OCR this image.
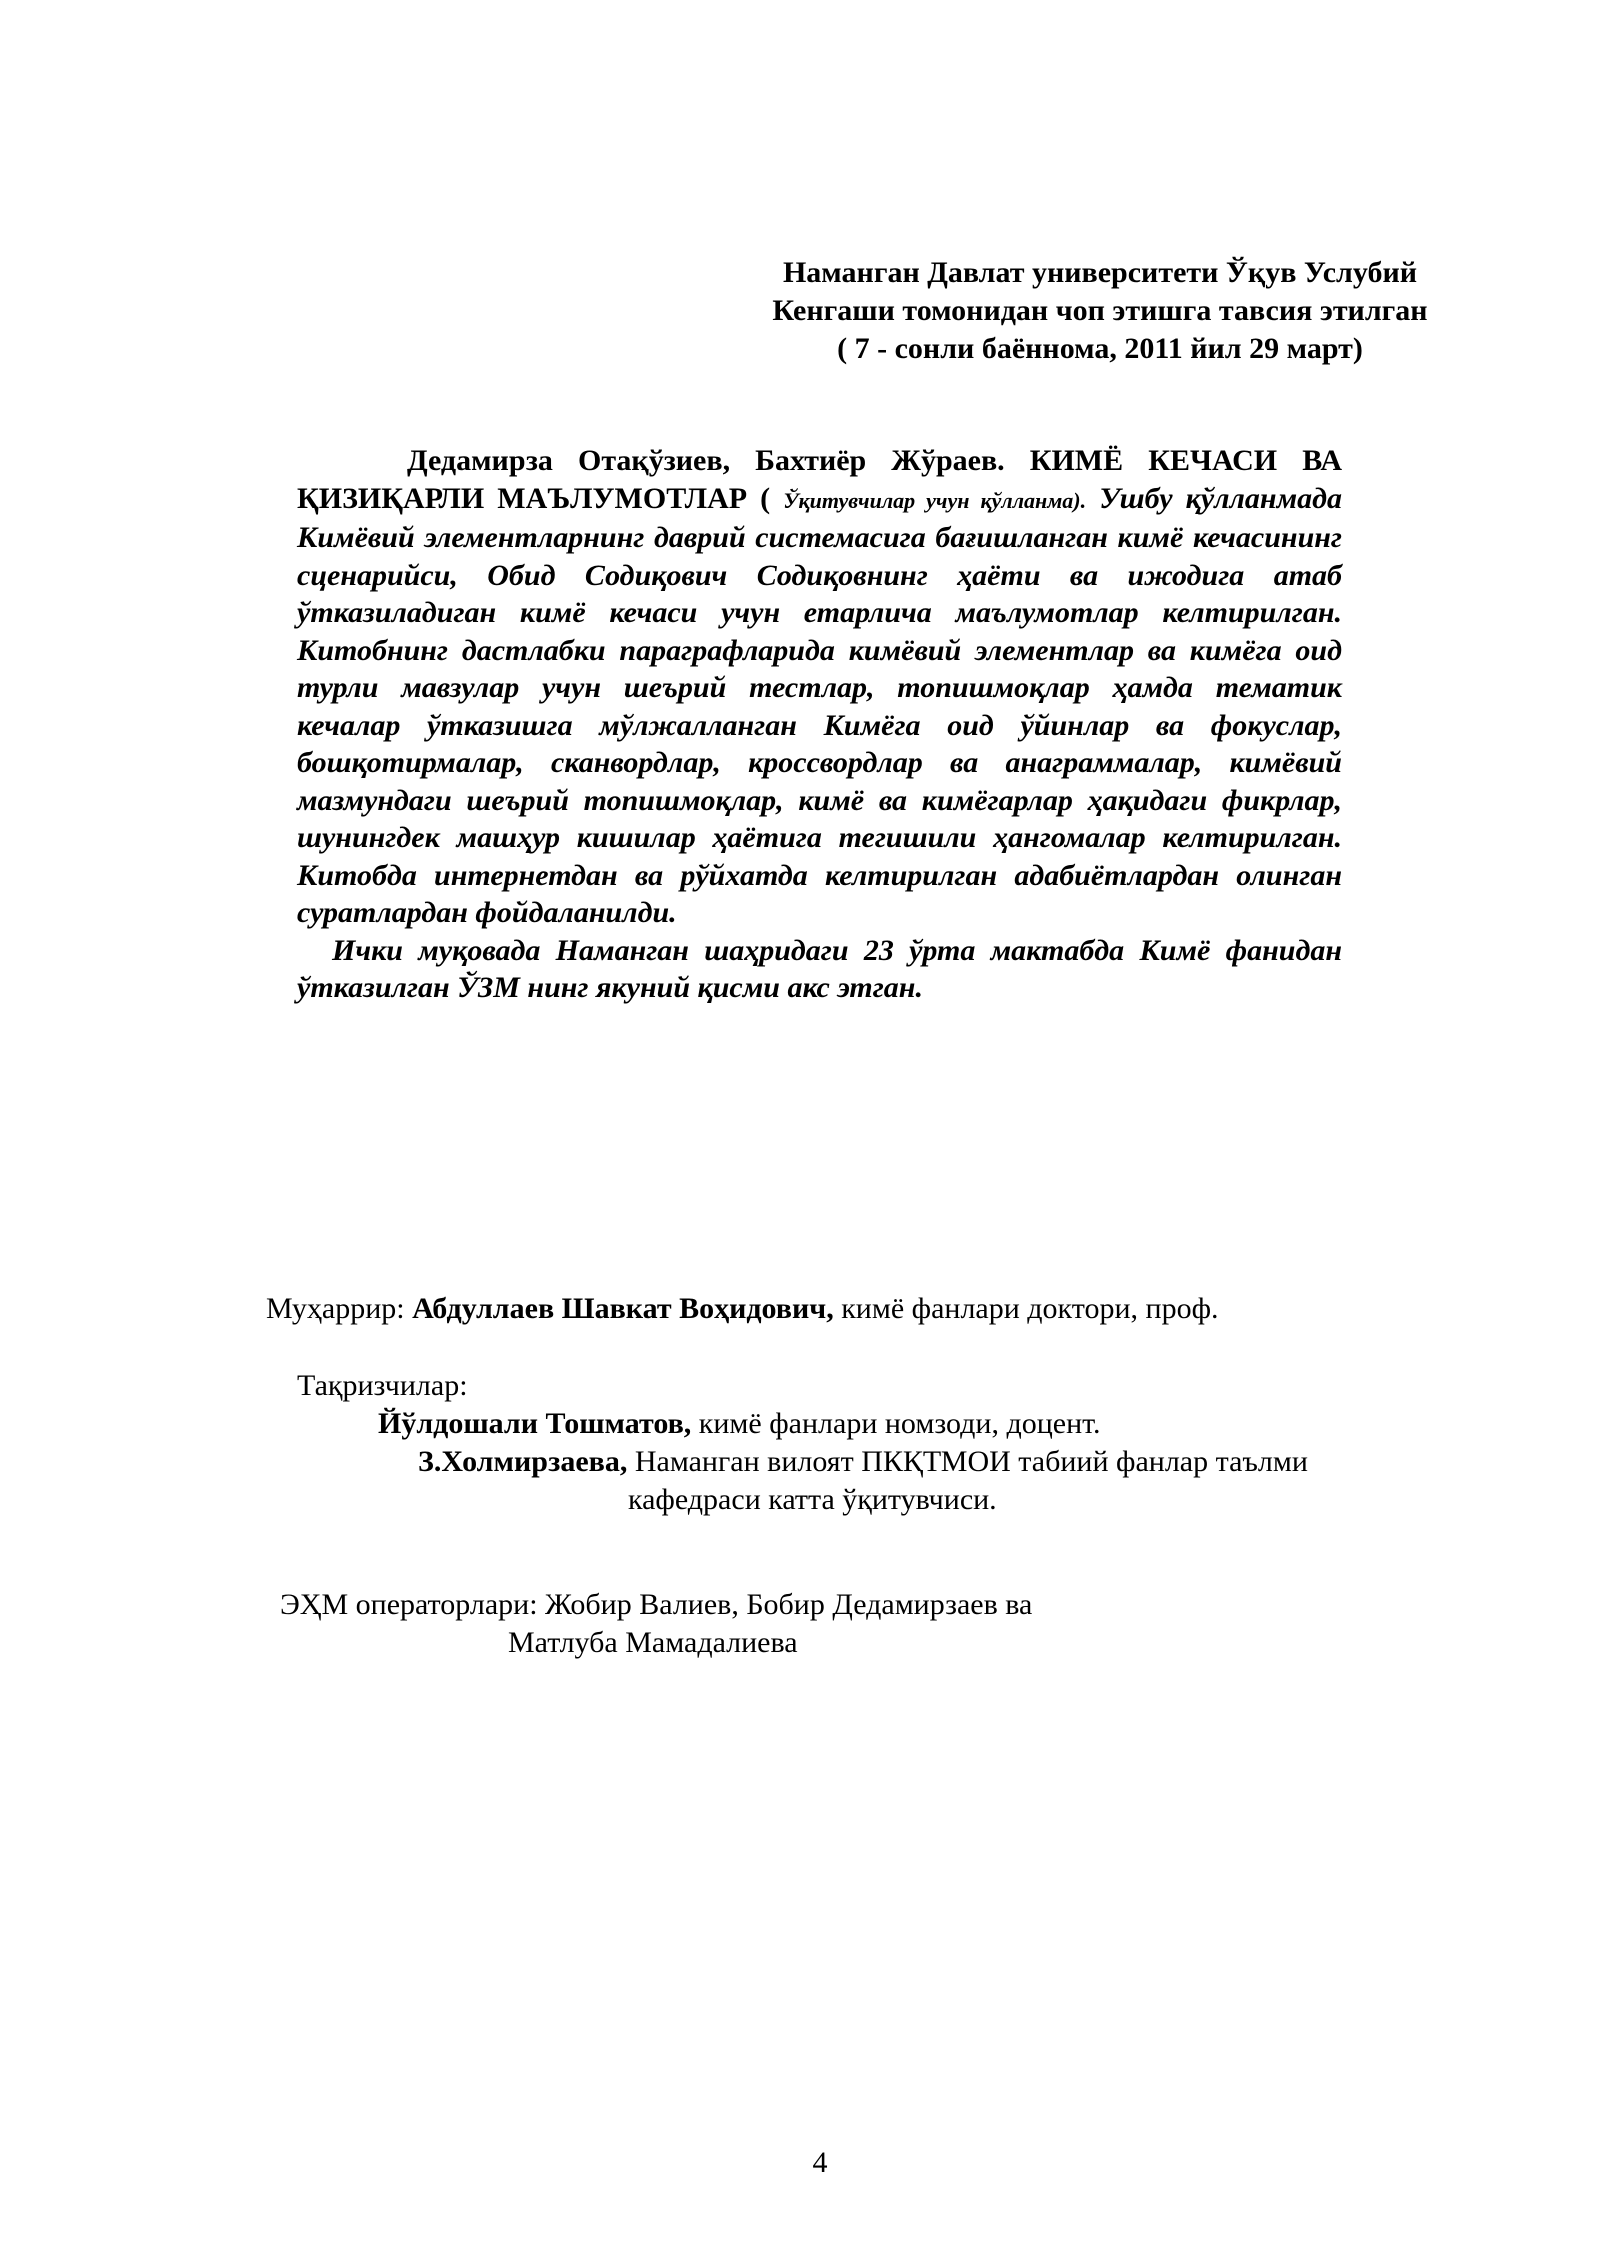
Наманган Давлат университети Ўқув Услубий
Кенгаши томонидан чоп этишга тавсия этилган
( 7 - сонли баённома, 2011 йил 29 март)

Дедамирза Отақўзиев, Бахтиёр Жўраев. КИМЁ КЕЧАСИ ВА ҚИЗИҚАРЛИ МАЪЛУМОТЛАР ( Ўқитувчилар учун қўлланма). Ушбу қўлланмада Кимёвий элементларнинг даврий системасига бағишланган кимё кечасининг сценарийси, Обид Содиқович Содиқовнинг ҳаёти ва ижодига атаб ўтказиладиган кимё кечаси учун етарлича маълумотлар келтирилган. Китобнинг дастлабки параграфларида кимёвий элементлар ва кимёга оид турли мавзулар учун шеърий тестлар, топишмоқлар ҳамда тематик кечалар ўтказишга мўлжалланган Кимёга оид ўйинлар ва фокуслар, бошқотирмалар, сканвордлар, кроссвордлар ва анаграммалар, кимёвий мазмундаги шеърий топишмоқлар, кимё ва кимёгарлар ҳақидаги фикрлар, шунингдек машҳур кишилар ҳаётига тегишили ҳангомалар келтирилган. Китобда интернетдан ва рўйхатда келтирилган адабиётлардан олинган суратлардан фойдаланилди.

Ички муқовада Наманган шаҳридаги 23 ўрта мактабда Кимё фанидан ўтказилган ЎЗМ нинг якуний қисми акс этган.

Муҳаррир: Абдуллаев Шавкат Воҳидович, кимё фанлари доктори, проф.
Тақризчилар:
Йўлдошали Тошматов, кимё фанлари номзоди, доцент.
З.Холмирзаева, Наманган вилоят ПКҚТМОИ табиий фанлар таълми
кафедраси катта ўқитувчиси.
ЭҲМ операторлари: Жобир Валиев, Бобир Дедамирзаев ва
Матлуба Мамадалиева
4
